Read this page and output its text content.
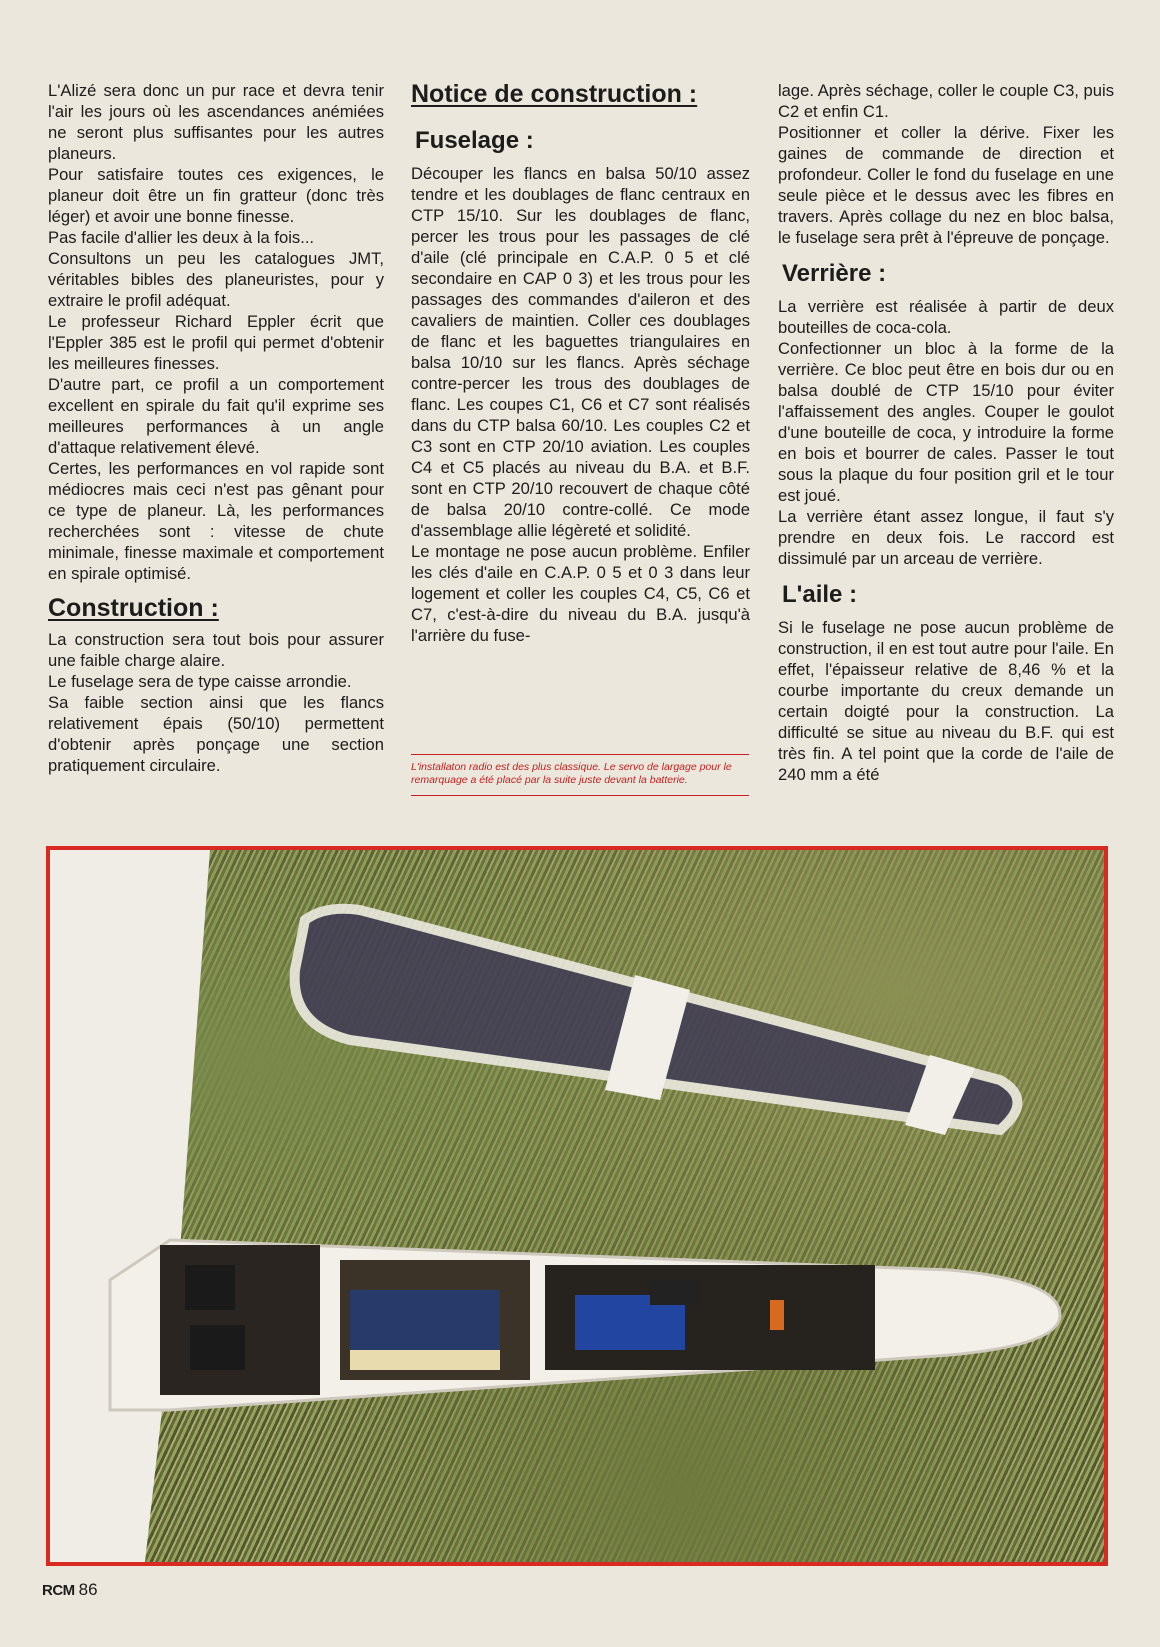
L'Alizé sera donc un pur race et devra tenir l'air les jours où les ascendances anémiées ne seront plus suffisantes pour les autres planeurs.

Pour satisfaire toutes ces exigences, le planeur doit être un fin gratteur (donc très léger) et avoir une bonne finesse.

Pas facile d'allier les deux à la fois...

Consultons un peu les catalogues JMT, véritables bibles des planeuristes, pour y extraire le profil adéquat.

Le professeur Richard Eppler écrit que l'Eppler 385 est le profil qui permet d'obtenir les meilleures finesses.

D'autre part, ce profil a un comportement excellent en spirale du fait qu'il exprime ses meilleures performances à un angle d'attaque relativement élevé.

Certes, les performances en vol rapide sont médiocres mais ceci n'est pas gênant pour ce type de planeur. Là, les performances recherchées sont : vitesse de chute minimale, finesse maximale et comportement en spirale optimisé.

Construction :

La construction sera tout bois pour assurer une faible charge alaire.

Le fuselage sera de type caisse arrondie.

Sa faible section ainsi que les flancs relativement épais (50/10) permettent d'obtenir après ponçage une section pratiquement circulaire.

Notice de construction : Fuselage :

Découper les flancs en balsa 50/10 assez tendre et les doublages de flanc centraux en CTP 15/10. Sur les doublages de flanc, percer les trous pour les passages de clé d'aile (clé principale en C.A.P. 0 5 et clé secondaire en CAP 0 3) et les trous pour les passages des commandes d'aileron et des cavaliers de maintien. Coller ces doublages de flanc et les baguettes triangulaires en balsa 10/10 sur les flancs. Après séchage contre-percer les trous des doublages de flanc. Les coupes C1, C6 et C7 sont réalisés dans du CTP balsa 60/10. Les couples C2 et C3 sont en CTP 20/10 aviation. Les couples C4 et C5 placés au niveau du B.A. et B.F. sont en CTP 20/10 recouvert de chaque côté de balsa 20/10 contre-collé. Ce mode d'assemblage allie légèreté et solidité.

Le montage ne pose aucun problème. Enfiler les clés d'aile en C.A.P. 0 5 et 0 3 dans leur logement et coller les couples C4, C5, C6 et C7, c'est-à-dire du niveau du B.A. jusqu'à l'arrière du fuse-

L'installaton radio est des plus classique. Le servo de largage pour le remarquage a été placé par la suite juste devant la batterie.

lage. Après séchage, coller le couple C3, puis C2 et enfin C1.

Positionner et coller la dérive. Fixer les gaines de commande de direction et profondeur. Coller le fond du fuselage en une seule pièce et le dessus avec les fibres en travers. Après collage du nez en bloc balsa, le fuselage sera prêt à l'épreuve de ponçage.

Verrière :

La verrière est réalisée à partir de deux bouteilles de coca-cola.

Confectionner un bloc à la forme de la verrière. Ce bloc peut être en bois dur ou en balsa doublé de CTP 15/10 pour éviter l'affaissement des angles. Couper le goulot d'une bouteille de coca, y introduire la forme en bois et bourrer de cales. Passer le tout sous la plaque du four position gril et le tour est joué.

La verrière étant assez longue, il faut s'y prendre en deux fois. Le raccord est dissimulé par un arceau de verrière.

L'aile :

Si le fuselage ne pose aucun problème de construction, il en est tout autre pour l'aile. En effet, l'épaisseur relative de 8,46 % et la courbe importante du creux demande un certain doigté pour la construction. La difficulté se situe au niveau du B.F. qui est très fin. A tel point que la corde de l'aile de 240 mm a été

RCM 86
